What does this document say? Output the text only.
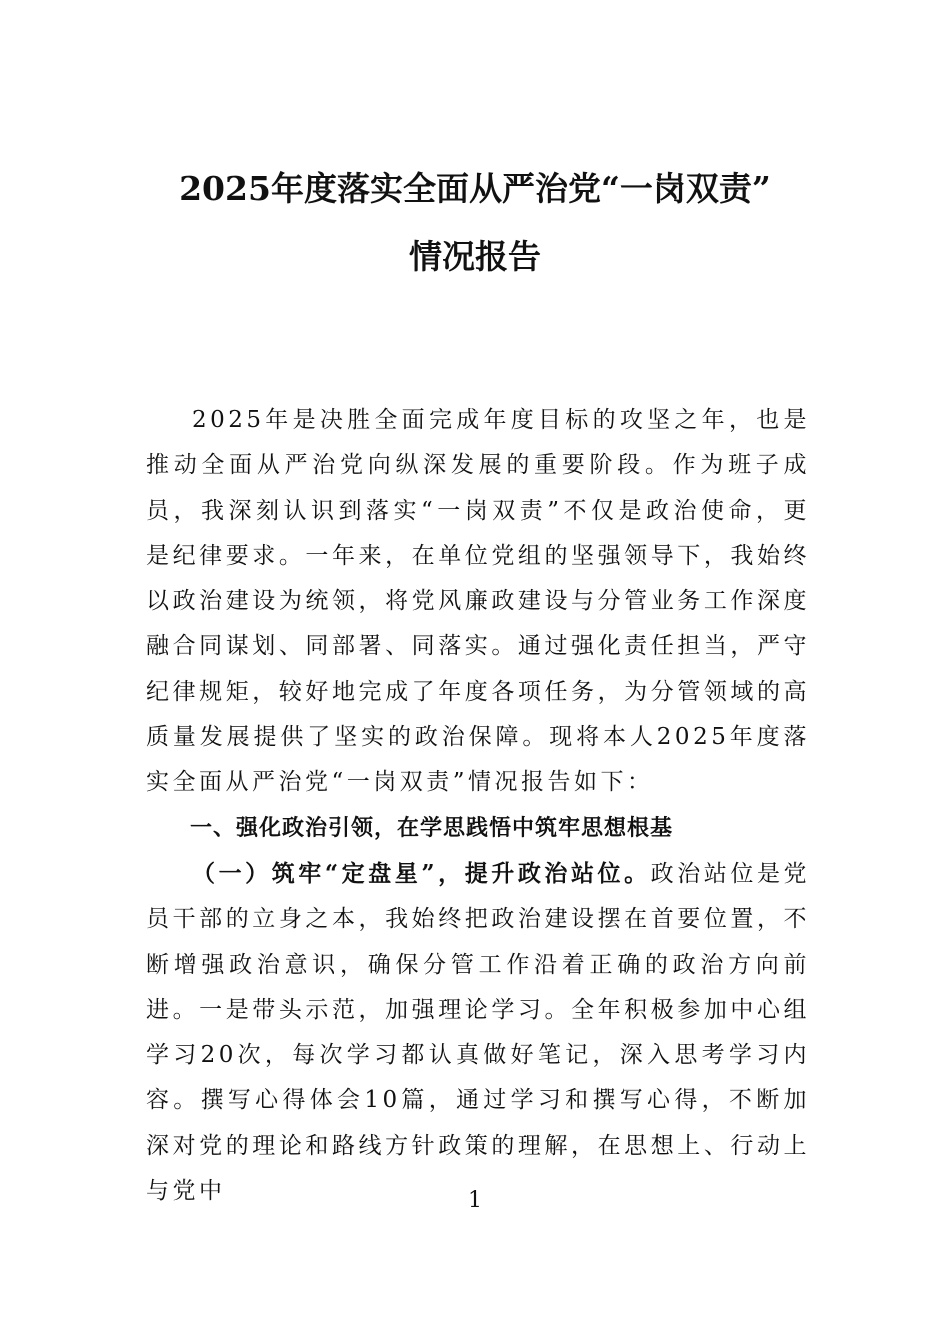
2025年度落实全面从严治党“一岗双责”
情况报告

2025年是决胜全面完成年度目标的攻坚之年，也是推动全面从严治党向纵深发展的重要阶段。作为班子成员，我深刻认识到落实“一岗双责”不仅是政治使命，更是纪律要求。一年来，在单位党组的坚强领导下，我始终以政治建设为统领，将党风廉政建设与分管业务工作深度融合同谋划、同部署、同落实。通过强化责任担当，严守纪律规矩，较好地完成了年度各项任务，为分管领域的高质量发展提供了坚实的政治保障。现将本人2025年度落实全面从严治党“一岗双责”情况报告如下：

一、强化政治引领，在学思践悟中筑牢思想根基

（一）筑牢“定盘星”，提升政治站位。政治站位是党员干部的立身之本，我始终把政治建设摆在首要位置，不断增强政治意识，确保分管工作沿着正确的政治方向前进。一是带头示范，加强理论学习。全年积极参加中心组学习20次，每次学习都认真做好笔记，深入思考学习内容。撰写心得体会10篇，通过学习和撰写心得，不断加深对党的理论和路线方针政策的理解，在思想上、行动上与党中	1
